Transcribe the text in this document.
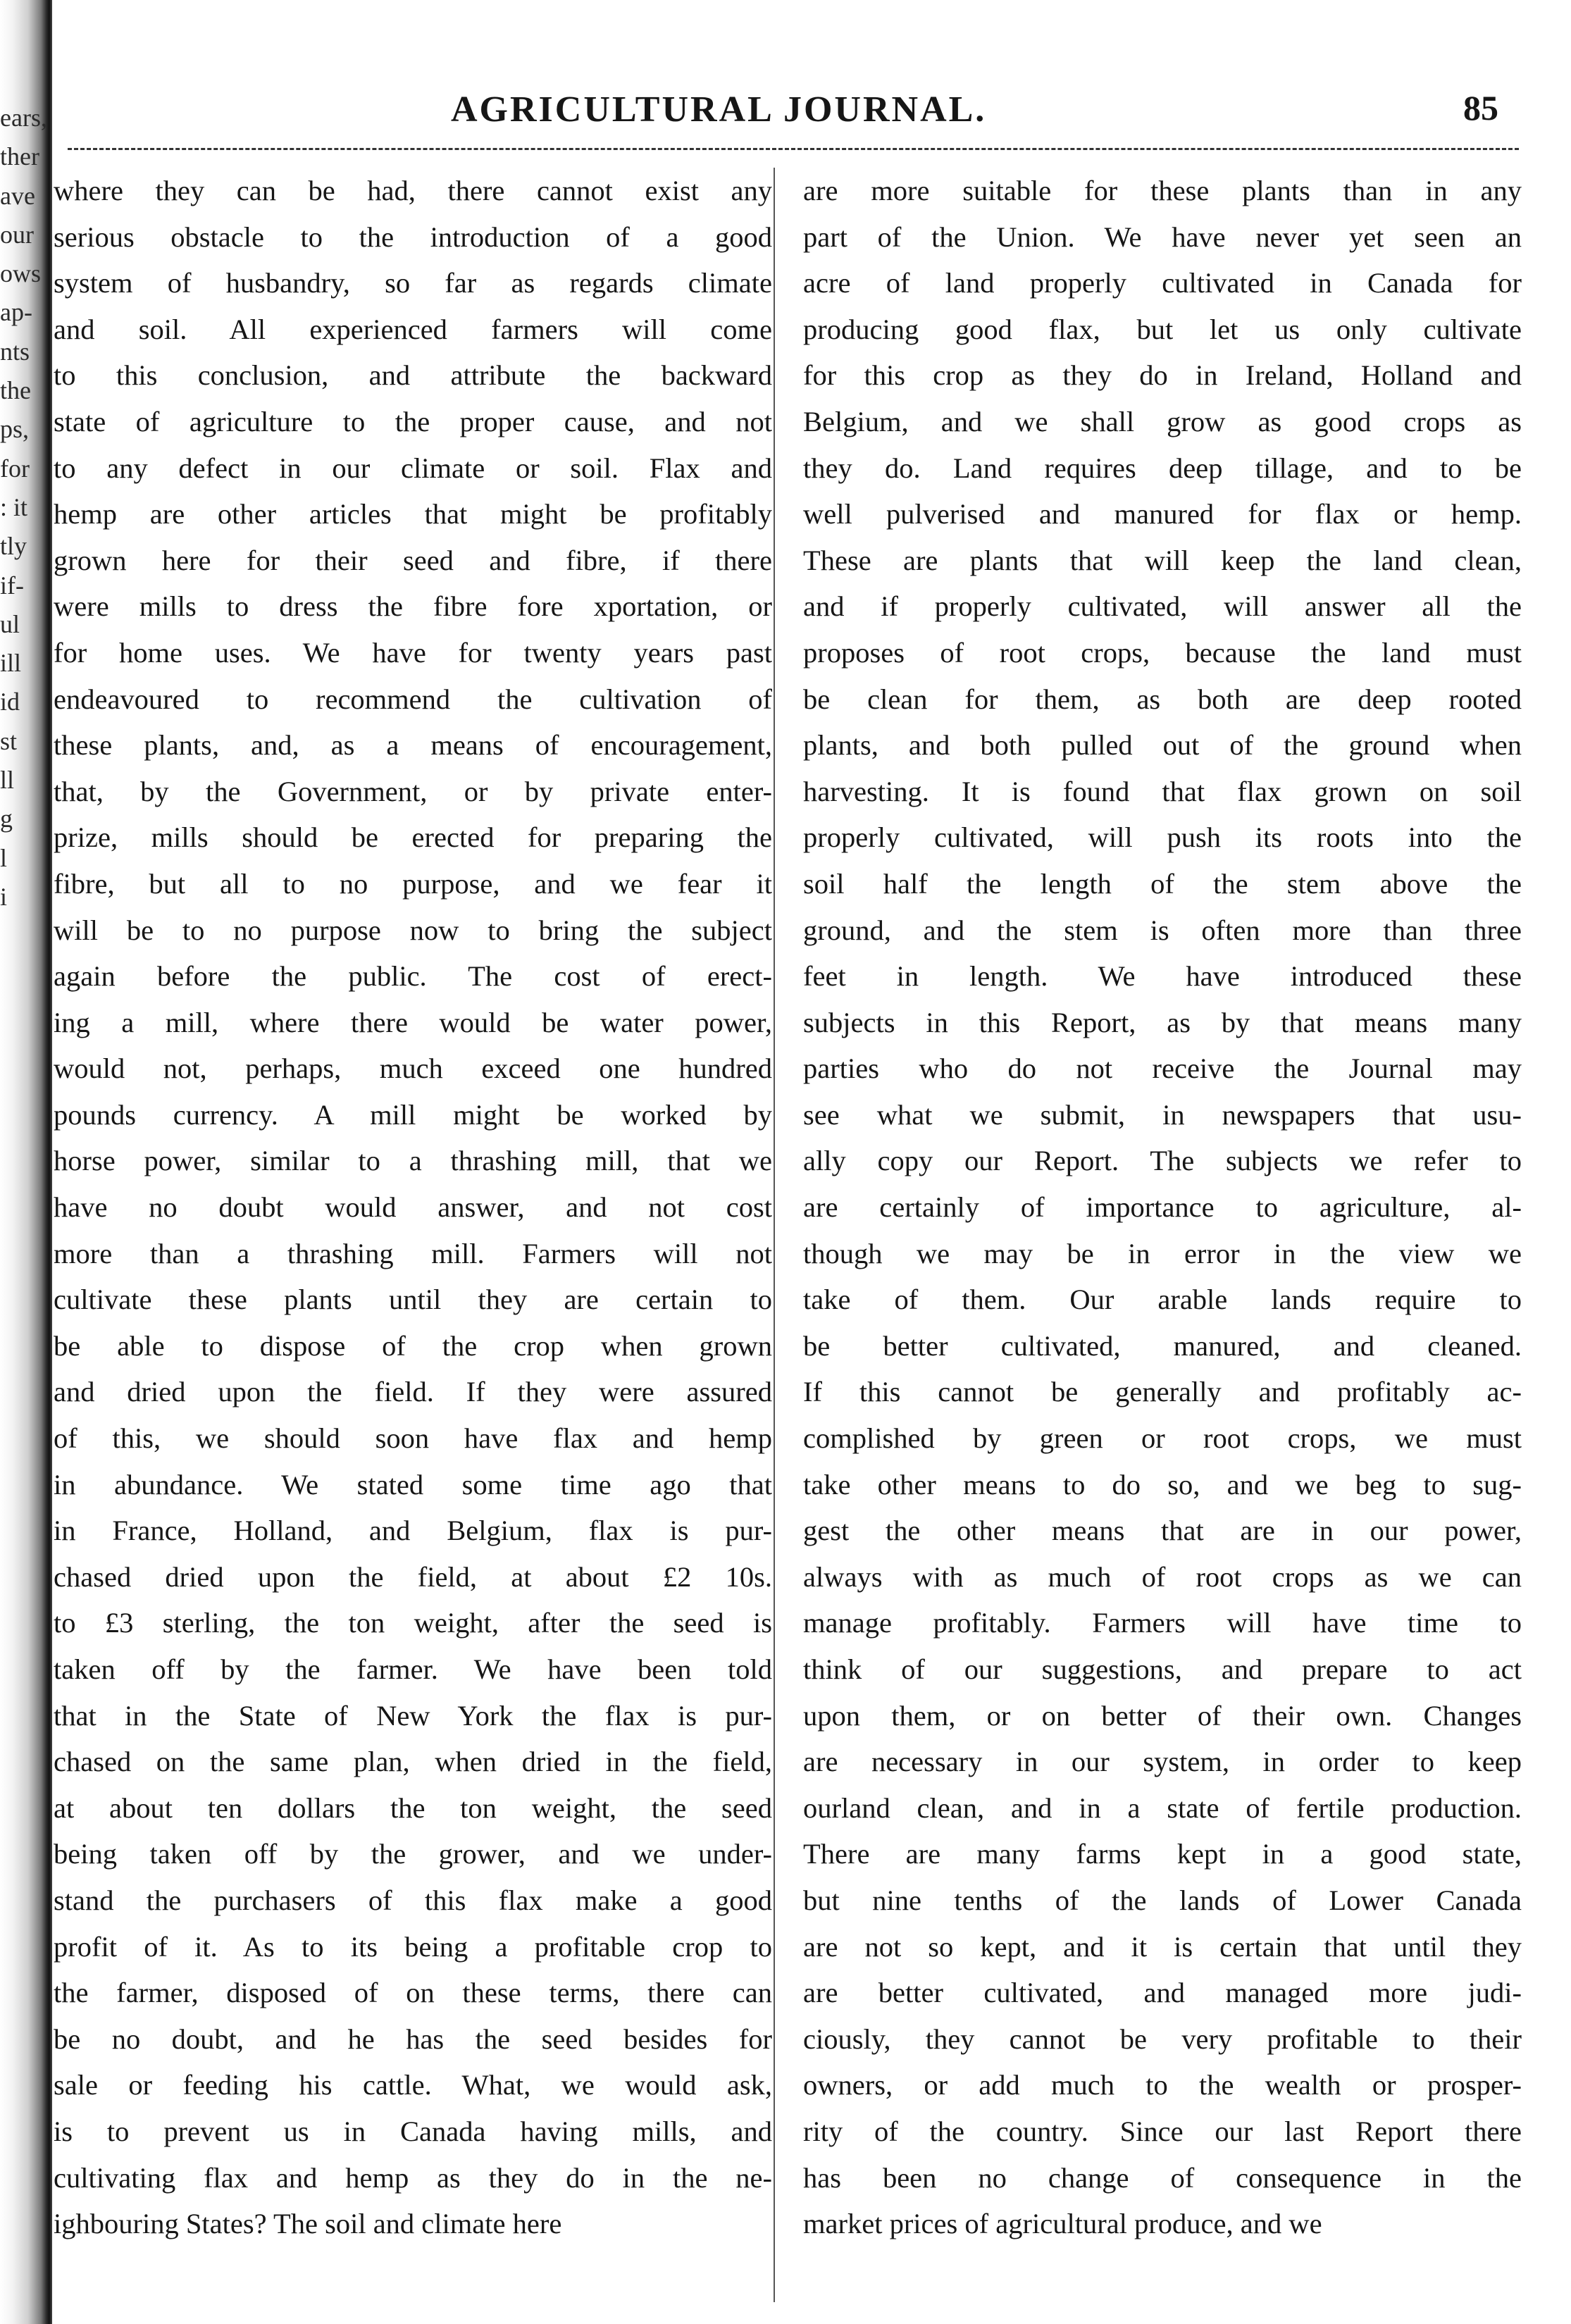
ears,
ther
ave
our
ows
ap-
nts
the
ps,
for
: it
tly
if-
ul
ill
id
st
ll
g
l
i
AGRICULTURAL JOURNAL.	85
where they can be had, there cannot exist any
serious obstacle to the introduction of a good
system of husbandry, so far as regards climate
and soil. All experienced farmers will come
to this conclusion, and attribute the backward
state of agriculture to the proper cause, and not
to any defect in our climate or soil. Flax and
hemp are other articles that might be profitably
grown here for their seed and fibre, if there
were mills to dress the fibre fore xportation, or
for home uses. We have for twenty years past
endeavoured to recommend the cultivation of
these plants, and, as a means of encouragement,
that, by the Government, or by private enter-
prize, mills should be erected for preparing the
fibre, but all to no purpose, and we fear it
will be to no purpose now to bring the subject
again before the public. The cost of erect-
ing a mill, where there would be water power,
would not, perhaps, much exceed one hundred
pounds currency. A mill might be worked by
horse power, similar to a thrashing mill, that we
have no doubt would answer, and not cost
more than a thrashing mill. Farmers will not
cultivate these plants until they are certain to
be able to dispose of the crop when grown
and dried upon the field. If they were assured
of this, we should soon have flax and hemp
in abundance. We stated some time ago that
in France, Holland, and Belgium, flax is pur-
chased dried upon the field, at about £2 10s.
to £3 sterling, the ton weight, after the seed is
taken off by the farmer. We have been told
that in the State of New York the flax is pur-
chased on the same plan, when dried in the field,
at about ten dollars the ton weight, the seed
being taken off by the grower, and we under-
stand the purchasers of this flax make a good
profit of it. As to its being a profitable crop to
the farmer, disposed of on these terms, there can
be no doubt, and he has the seed besides for
sale or feeding his cattle. What, we would ask,
is to prevent us in Canada having mills, and
cultivating flax and hemp as they do in the ne-
ighbouring States? The soil and climate here
are more suitable for these plants than in any
part of the Union. We have never yet seen an
acre of land properly cultivated in Canada for
producing good flax, but let us only cultivate
for this crop as they do in Ireland, Holland and
Belgium, and we shall grow as good crops as
they do. Land requires deep tillage, and to be
well pulverised and manured for flax or hemp.
These are plants that will keep the land clean,
and if properly cultivated, will answer all the
proposes of root crops, because the land must
be clean for them, as both are deep rooted
plants, and both pulled out of the ground when
harvesting. It is found that flax grown on soil
properly cultivated, will push its roots into the
soil half the length of the stem above the
ground, and the stem is often more than three
feet in length. We have introduced these
subjects in this Report, as by that means many
parties who do not receive the Journal may
see what we submit, in newspapers that usu-
ally copy our Report. The subjects we refer to
are certainly of importance to agriculture, al-
though we may be in error in the view we
take of them. Our arable lands require to
be better cultivated, manured, and cleaned.
If this cannot be generally and profitably ac-
complished by green or root crops, we must
take other means to do so, and we beg to sug-
gest the other means that are in our power,
always with as much of root crops as we can
manage profitably. Farmers will have time to
think of our suggestions, and prepare to act
upon them, or on better of their own. Changes
are necessary in our system, in order to keep
ourland clean, and in a state of fertile production.
There are many farms kept in a good state,
but nine tenths of the lands of Lower Canada
are not so kept, and it is certain that until they
are better cultivated, and managed more judi-
ciously, they cannot be very profitable to their
owners, or add much to the wealth or prosper-
rity of the country. Since our last Report there
has been no change of consequence in the
market prices of agricultural produce, and we
